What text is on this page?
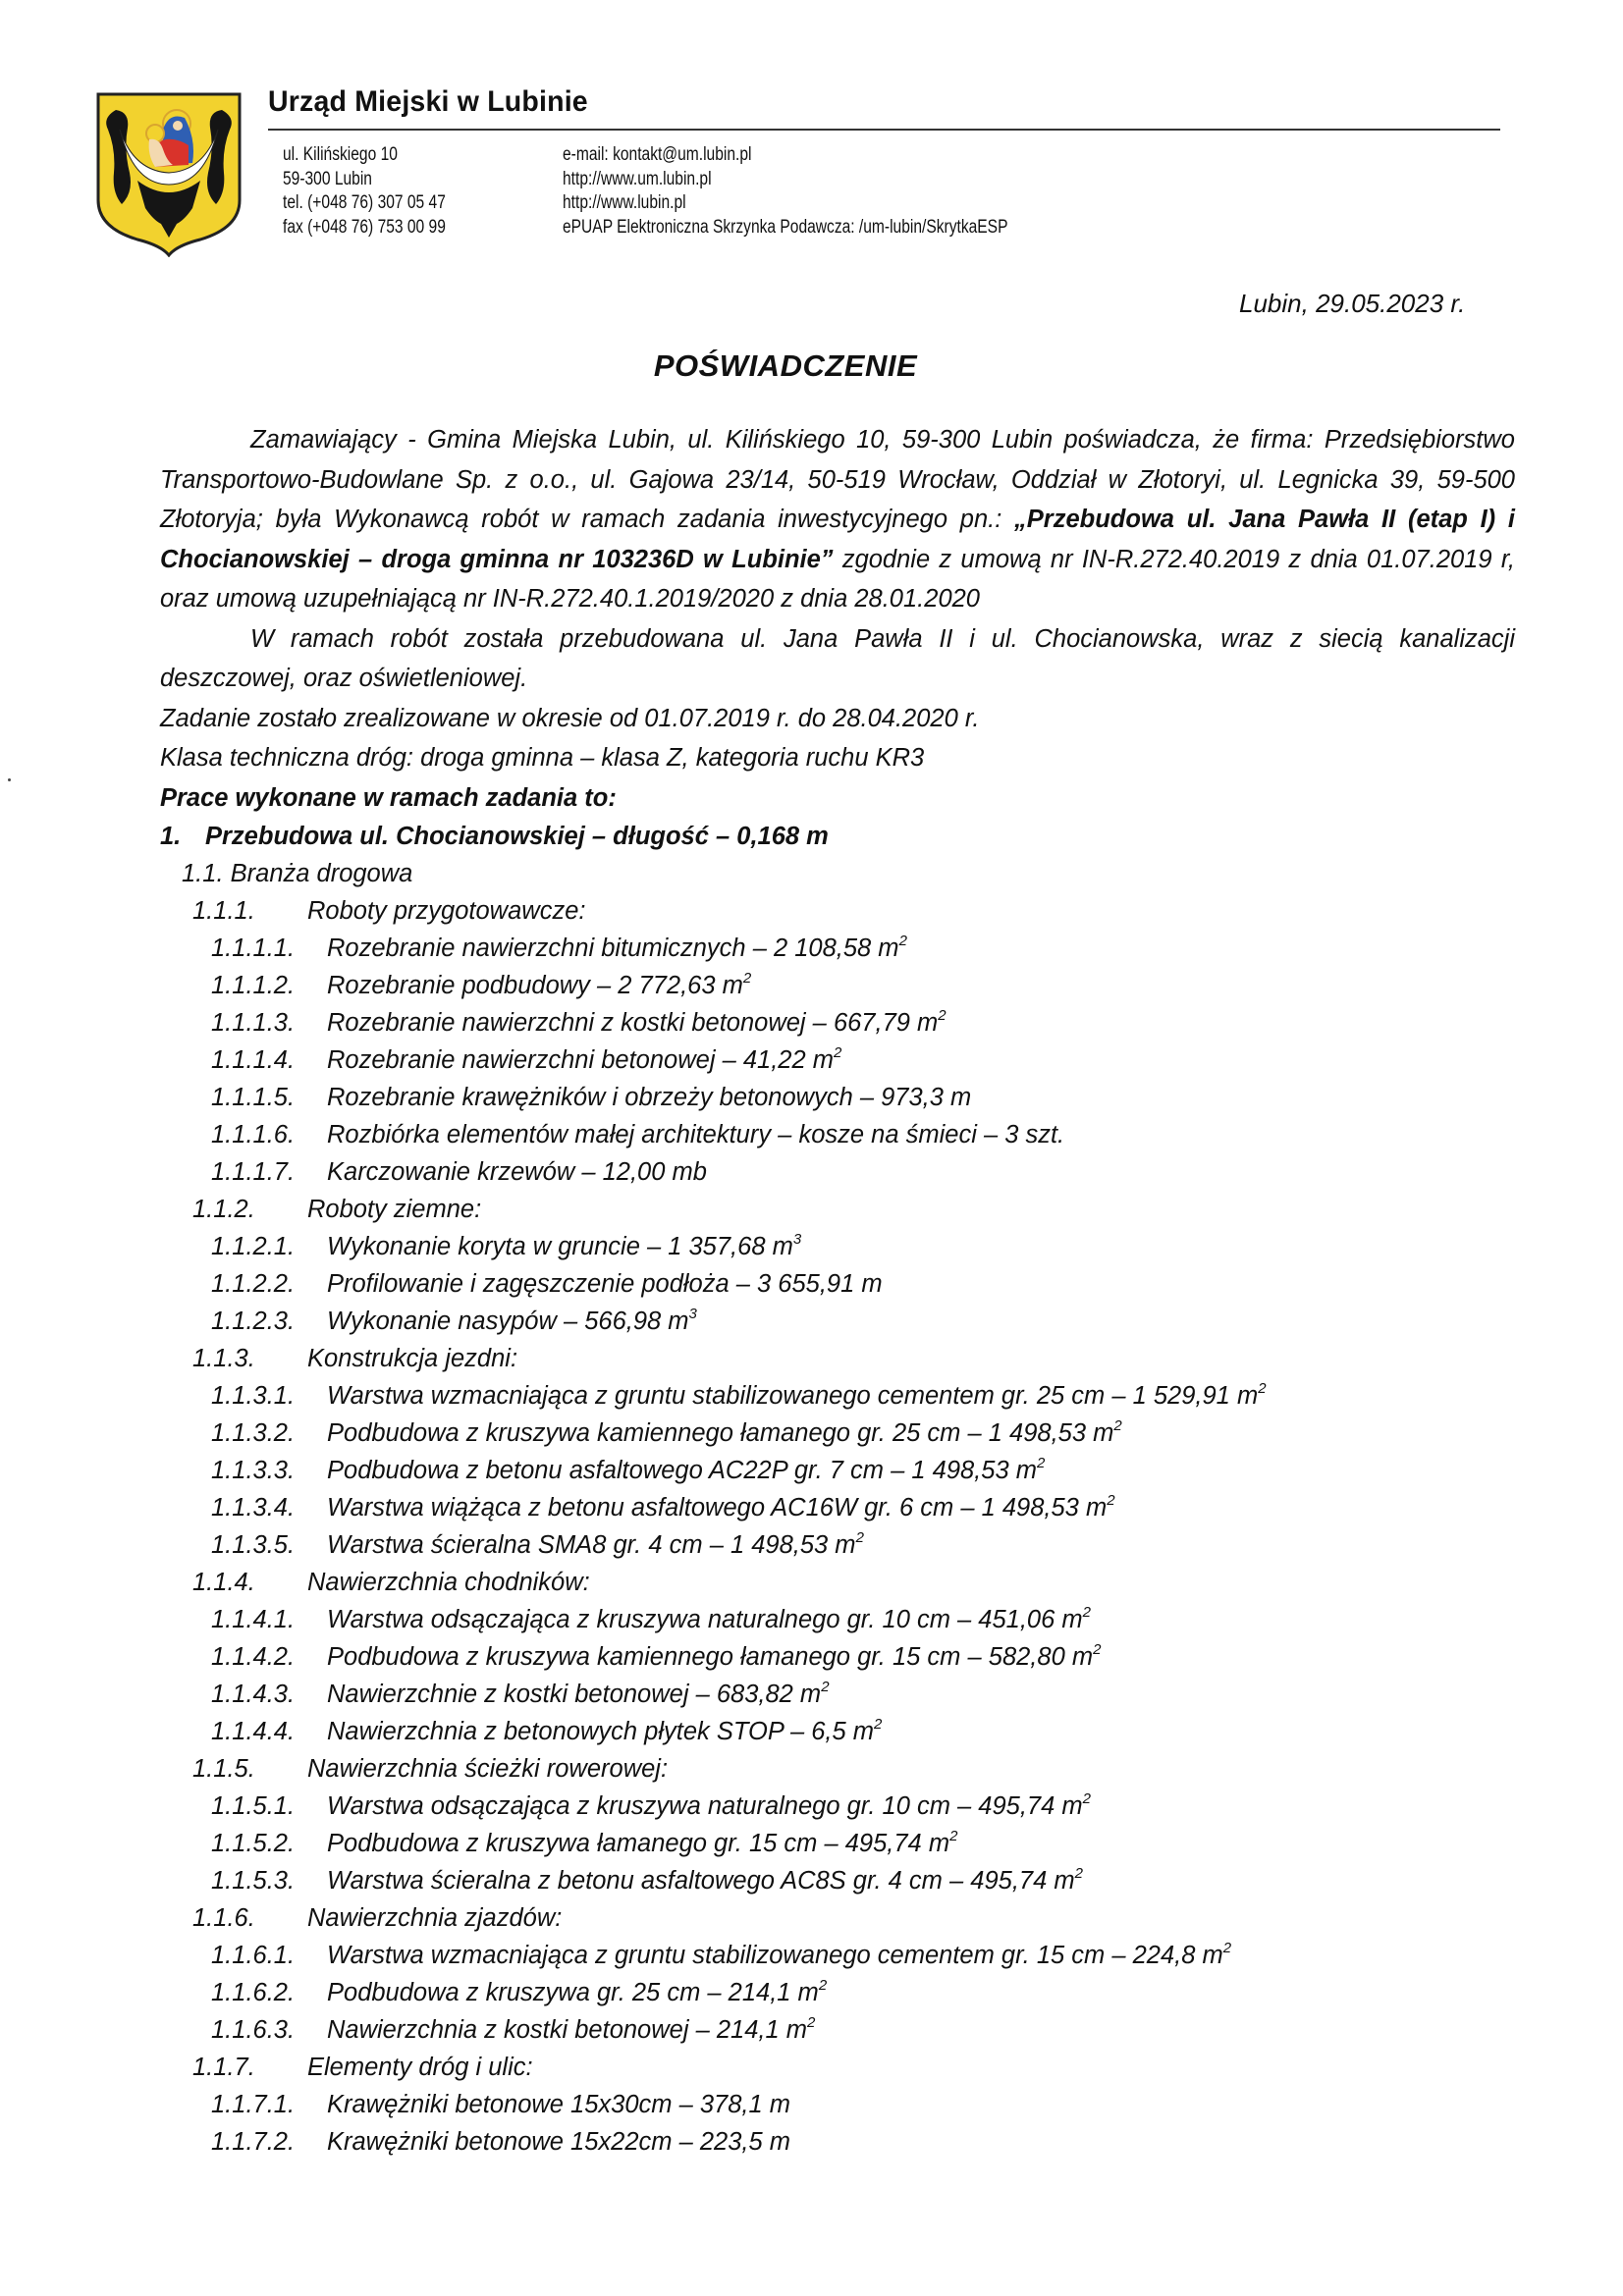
Urząd Miejski w Lubinie
ul. Kilińskiego 10
59-300 Lubin
tel. (+048 76) 307 05 47
fax (+048 76) 753 00 99
e-mail: kontakt@um.lubin.pl
http://www.um.lubin.pl
http://www.lubin.pl
ePUAP Elektroniczna Skrzynka Podawcza: /um-lubin/SkrytkaESP
Lubin, 29.05.2023 r.
POŚWIADCZENIE

Zamawiający - Gmina Miejska Lubin, ul. Kilińskiego 10, 59-300 Lubin poświadcza, że firma: Przedsiębiorstwo Transportowo-Budowlane Sp. z o.o., ul. Gajowa 23/14, 50-519 Wrocław, Oddział w Złotoryi, ul. Legnicka 39, 59-500 Złotoryja; była Wykonawcą robót w ramach zadania inwestycyjnego pn.: „Przebudowa ul. Jana Pawła II (etap I) i Chocianowskiej – droga gminna nr 103236D w Lubinie” zgodnie z umową nr IN-R.272.40.2019 z dnia 01.07.2019 r, oraz umową uzupełniającą nr IN-R.272.40.1.2019/2020 z dnia 28.01.2020

W ramach robót została przebudowana ul. Jana Pawła II i ul. Chocianowska, wraz z siecią kanalizacji deszczowej, oraz oświetleniowej.

Zadanie zostało zrealizowane w okresie od 01.07.2019 r. do 28.04.2020 r.

Klasa techniczna dróg: droga gminna – klasa Z, kategoria ruchu KR3

Prace wykonane w ramach zadania to:

1. Przebudowa ul. Chocianowskiej – długość – 0,168 m
1.1. Branża drogowa
1.1.1. Roboty przygotowawcze:
1.1.1.1. Rozebranie nawierzchni bitumicznych – 2 108,58 $m^2$
1.1.1.2. Rozebranie podbudowy – 2 772,63 $m^2$
1.1.1.3. Rozebranie nawierzchni z kostki betonowej – 667,79 $m^2$
1.1.1.4. Rozebranie nawierzchni betonowej – 41,22 $m^2$
1.1.1.5. Rozebranie krawężników i obrzeży betonowych – 973,3 m
1.1.1.6. Rozbiórka elementów małej architektury – kosze na śmieci – 3 szt.
1.1.1.7. Karczowanie krzewów – 12,00 mb
1.1.2. Roboty ziemne:
1.1.2.1. Wykonanie koryta w gruncie – 1 357,68 $m^3$
1.1.2.2. Profilowanie i zagęszczenie podłoża – 3 655,91 m
1.1.2.3. Wykonanie nasypów – 566,98 $m^3$
1.1.3. Konstrukcja jezdni:
1.1.3.1. Warstwa wzmacniająca z gruntu stabilizowanego cementem gr. 25 cm – 1 529,91 $m^2$
1.1.3.2. Podbudowa z kruszywa kamiennego łamanego gr. 25 cm – 1 498,53 $m^2$
1.1.3.3. Podbudowa z betonu asfaltowego AC22P gr. 7 cm – 1 498,53 $m^2$
1.1.3.4. Warstwa wiążąca z betonu asfaltowego AC16W gr. 6 cm – 1 498,53 $m^2$
1.1.3.5. Warstwa ścieralna SMA8 gr. 4 cm – 1 498,53 $m^2$
1.1.4. Nawierzchnia chodników:
1.1.4.1. Warstwa odsączająca z kruszywa naturalnego gr. 10 cm – 451,06 $m^2$
1.1.4.2. Podbudowa z kruszywa kamiennego łamanego gr. 15 cm – 582,80 $m^2$
1.1.4.3. Nawierzchnie z kostki betonowej – 683,82 $m^2$
1.1.4.4. Nawierzchnia z betonowych płytek STOP – 6,5 $m^2$
1.1.5. Nawierzchnia ścieżki rowerowej:
1.1.5.1. Warstwa odsączająca z kruszywa naturalnego gr. 10 cm – 495,74 $m^2$
1.1.5.2. Podbudowa z kruszywa łamanego gr. 15 cm – 495,74 $m^2$
1.1.5.3. Warstwa ścieralna z betonu asfaltowego AC8S gr. 4 cm – 495,74 $m^2$
1.1.6. Nawierzchnia zjazdów:
1.1.6.1. Warstwa wzmacniająca z gruntu stabilizowanego cementem gr. 15 cm – 224,8 $m^2$
1.1.6.2. Podbudowa z kruszywa gr. 25 cm – 214,1 $m^2$
1.1.6.3. Nawierzchnia z kostki betonowej – 214,1 $m^2$
1.1.7. Elementy dróg i ulic:
1.1.7.1. Krawężniki betonowe 15x30cm – 378,1 m
1.1.7.2. Krawężniki betonowe 15x22cm – 223,5 m
